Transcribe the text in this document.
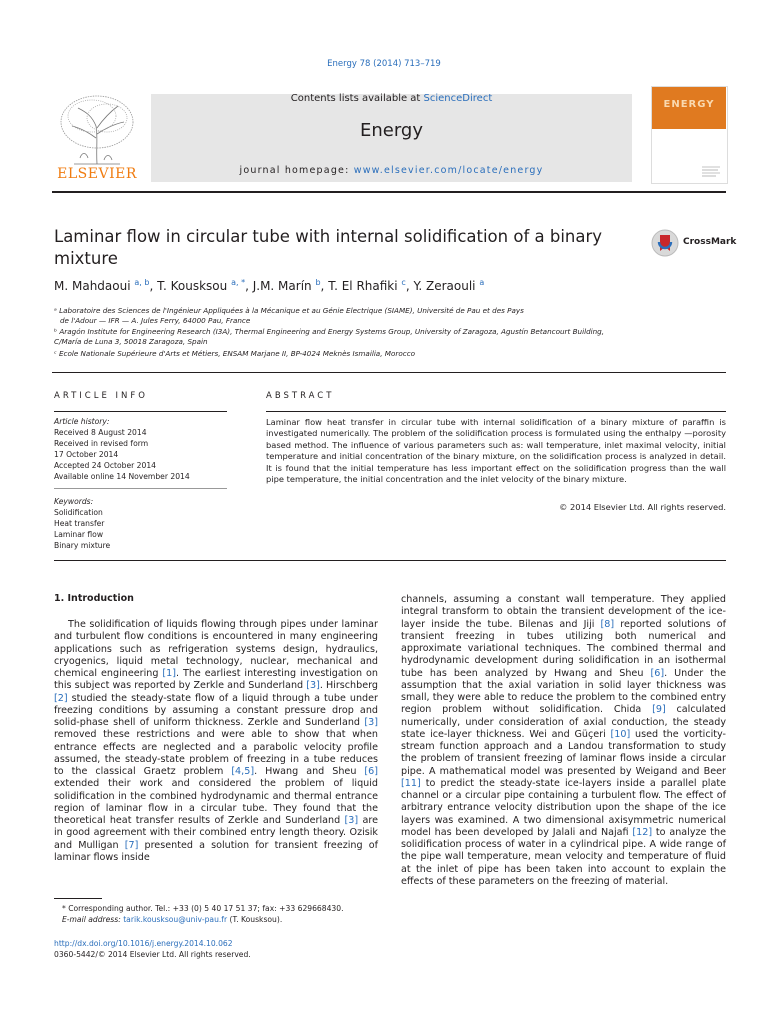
Energy 78 (2014) 713–719
ELSEVIER
Contents lists available at ScienceDirect
Energy
journal homepage: www.elsevier.com/locate/energy
ENERGY
Laminar flow in circular tube with internal solidification of a binary mixture
CrossMark
M. Mahdaoui $^{a, b}$, T. Kousksou $^{a, *}$, J.M. Marín $^b$, T. El Rhafiki $^c$, Y. Zeraouli $^a$
ᵃ Laboratoire des Sciences de l'Ingénieur Appliquées à la Mécanique et au Génie Electrique (SIAME), Université de Pau et des Pays
de l'Adour — IFR — A. Jules Ferry, 64000 Pau, France
ᵇ Aragón Institute for Engineering Research (I3A), Thermal Engineering and Energy Systems Group, University of Zaragoza, Agustín Betancourt Building,
C/María de Luna 3, 50018 Zaragoza, Spain
ᶜ Ecole Nationale Supérieure d'Arts et Métiers, ENSAM Marjane II, BP-4024 Meknès Ismailia, Morocco
ARTICLE INFO
Article history:
Received 8 August 2014
Received in revised form
17 October 2014
Accepted 24 October 2014
Available online 14 November 2014
Keywords:
Solidification
Heat transfer
Laminar flow
Binary mixture
ABSTRACT
Laminar flow heat transfer in circular tube with internal solidification of a binary mixture of paraffin is investigated numerically. The problem of the solidification process is formulated using the enthalpy —porosity based method. The influence of various parameters such as: wall temperature, inlet maximal velocity, initial temperature and initial concentration of the binary mixture, on the solidification process is analyzed in detail. It is found that the initial temperature has less important effect on the solidification progress than the wall pipe temperature, the initial concentration and the inlet velocity of the binary mixture.
© 2014 Elsevier Ltd. All rights reserved.
1. Introduction

The solidification of liquids flowing through pipes under laminar and turbulent flow conditions is encountered in many engineering applications such as refrigeration systems design, hydraulics, cryogenics, liquid metal technology, nuclear, mechanical and chemical engineering [1]. The earliest interesting investigation on this subject was reported by Zerkle and Sunderland [3]. Hirschberg [2] studied the steady-state flow of a liquid through a tube under freezing conditions by assuming a constant pressure drop and solid-phase shell of uniform thickness. Zerkle and Sunderland [3] removed these restrictions and were able to show that when entrance effects are neglected and a parabolic velocity profile assumed, the steady-state problem of freezing in a tube reduces to the classical Graetz problem [4,5]. Hwang and Sheu [6] extended their work and considered the problem of liquid solidification in the combined hydrodynamic and thermal entrance region of laminar flow in a circular tube. They found that the theoretical heat transfer results of Zerkle and Sunderland [3] are in good agreement with their combined entry length theory. Ozisik and Mulligan [7] presented a solution for transient freezing of laminar flows inside

channels, assuming a constant wall temperature. They applied integral transform to obtain the transient development of the ice-layer inside the tube. Bilenas and Jiji [8] reported solutions of transient freezing in tubes utilizing both numerical and approximate variational techniques. The combined thermal and hydrodynamic development during solidification in an isothermal tube has been analyzed by Hwang and Sheu [6]. Under the assumption that the axial variation in solid layer thickness was small, they were able to reduce the problem to the combined entry region problem without solidification. Chida [9] calculated numerically, under consideration of axial conduction, the steady state ice-layer thickness. Wei and Güçeri [10] used the vorticity-stream function approach and a Landou transformation to study the problem of transient freezing of laminar flows inside a circular pipe. A mathematical model was presented by Weigand and Beer [11] to predict the steady-state ice-layers inside a parallel plate channel or a circular pipe containing a turbulent flow. The effect of arbitrary entrance velocity distribution upon the shape of the ice layers was examined. A two dimensional axisymmetric numerical model has been developed by Jalali and Najafi [12] to analyze the solidification process of water in a cylindrical pipe. A wide range of the pipe wall temperature, mean velocity and temperature of fluid at the inlet of pipe has been taken into account to explain the effects of these parameters on the freezing of material.

* Corresponding author. Tel.: +33 (0) 5 40 17 51 37; fax: +33 629668430.
E-mail address: tarik.kousksou@univ-pau.fr (T. Kousksou).
http://dx.doi.org/10.1016/j.energy.2014.10.062
0360-5442/© 2014 Elsevier Ltd. All rights reserved.
